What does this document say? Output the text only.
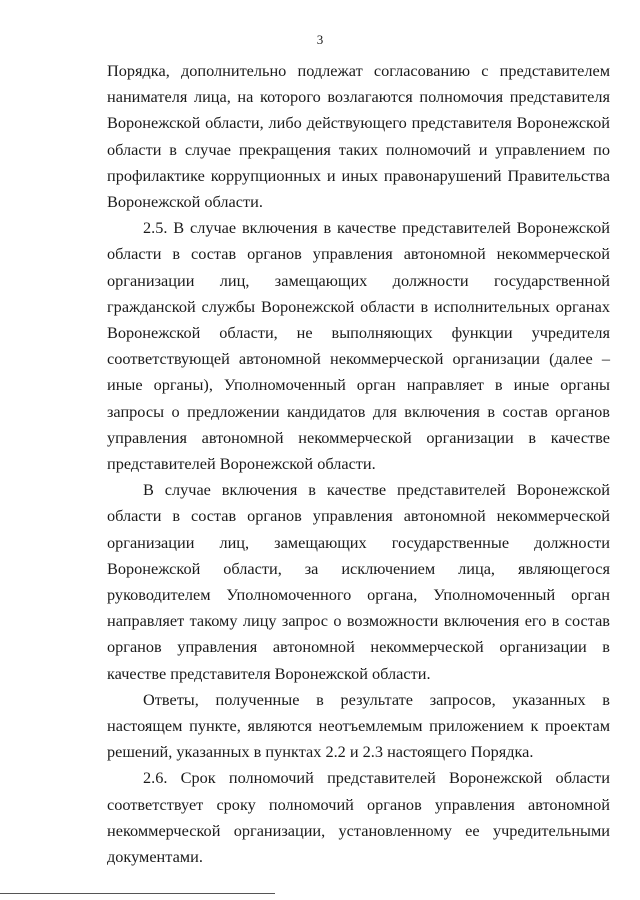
3

Порядка, дополнительно подлежат согласованию с представителем нанимателя лица, на которого возлагаются полномочия представителя Воронежской области, либо действующего представителя Воронежской области в случае прекращения таких полномочий и управлением по профилактике коррупционных и иных правонарушений Правительства Воронежской области.

2.5. В случае включения в качестве представителей Воронежской области в состав органов управления автономной некоммерческой организации лиц, замещающих должности государственной гражданской службы Воронежской области в исполнительных органах Воронежской области, не выполняющих функции учредителя соответствующей автономной некоммерческой организации (далее – иные органы), Уполномоченный орган направляет в иные органы запросы о предложении кандидатов для включения в состав органов управления автономной некоммерческой организации в качестве представителей Воронежской области.

В случае включения в качестве представителей Воронежской области в состав органов управления автономной некоммерческой организации лиц, замещающих государственные должности Воронежской области, за исключением лица, являющегося руководителем Уполномоченного органа, Уполномоченный орган направляет такому лицу запрос о возможности включения его в состав органов управления автономной некоммерческой организации в качестве представителя Воронежской области.

Ответы, полученные в результате запросов, указанных в настоящем пункте, являются неотъемлемым приложением к проектам решений, указанных в пунктах 2.2 и 2.3 настоящего Порядка.

2.6. Срок полномочий представителей Воронежской области соответствует сроку полномочий органов управления автономной некоммерческой организации, установленному ее учредительными документами.
